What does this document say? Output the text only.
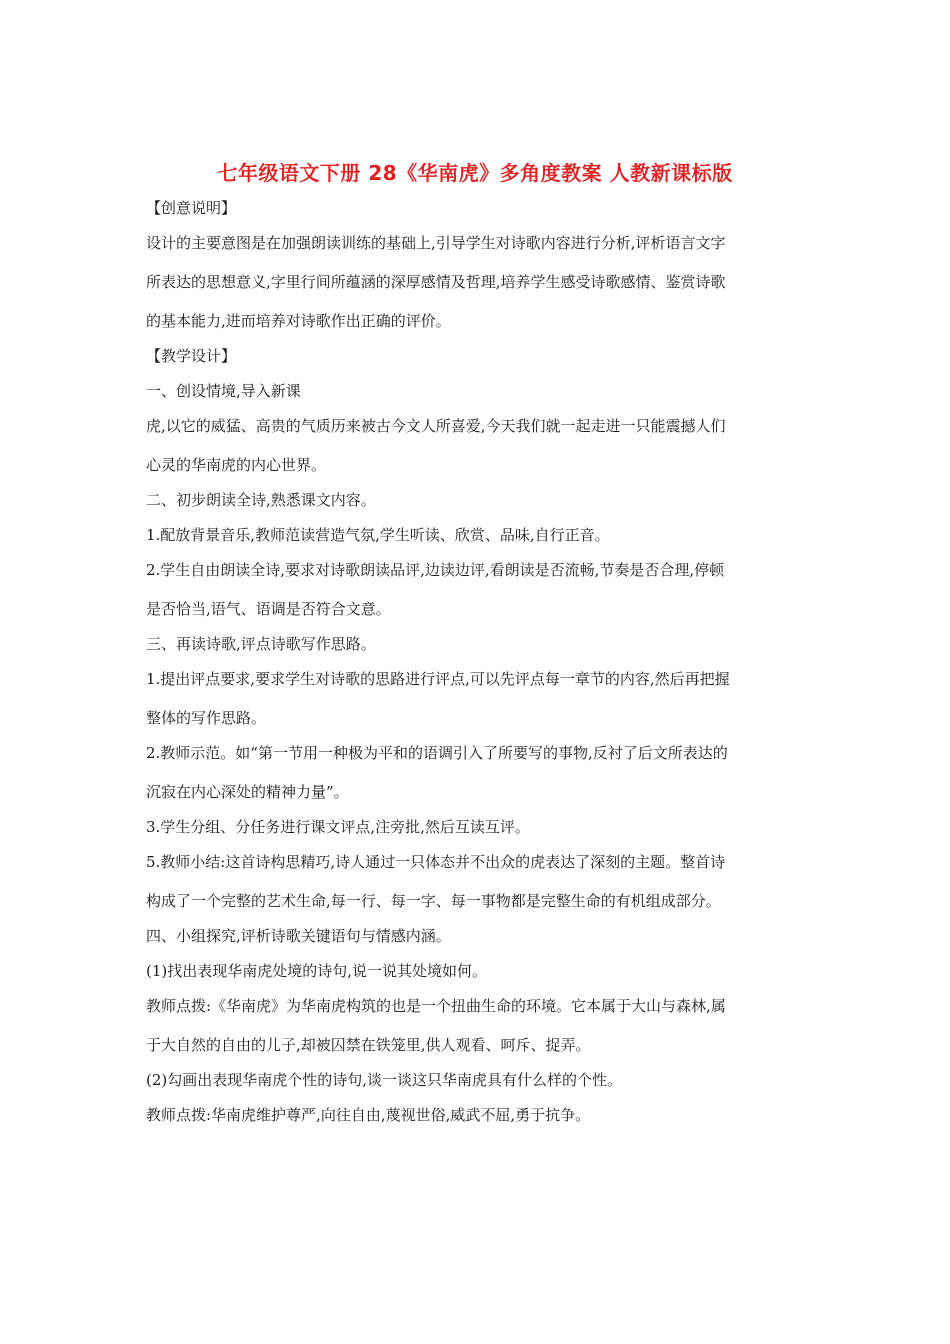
七年级语文下册 28《华南虎》多角度教案 人教新课标版
【创意说明】
设计的主要意图是在加强朗读训练的基础上,引导学生对诗歌内容进行分析,评析语言文字
所表达的思想意义,字里行间所蕴涵的深厚感情及哲理,培养学生感受诗歌感情、鉴赏诗歌
的基本能力,进而培养对诗歌作出正确的评价。
【教学设计】
一、创设情境,导入新课
虎,以它的威猛、高贵的气质历来被古今文人所喜爱,今天我们就一起走进一只能震撼人们
心灵的华南虎的内心世界。
二、初步朗读全诗,熟悉课文内容。
1.配放背景音乐,教师范读营造气氛,学生听读、欣赏、品味,自行正音。
2.学生自由朗读全诗,要求对诗歌朗读品评,边读边评,看朗读是否流畅,节奏是否合理,停顿
是否恰当,语气、语调是否符合文意。
三、再读诗歌,评点诗歌写作思路。
1.提出评点要求,要求学生对诗歌的思路进行评点,可以先评点每一章节的内容,然后再把握
整体的写作思路。
2.教师示范。如“第一节用一种极为平和的语调引入了所要写的事物,反衬了后文所表达的
沉寂在内心深处的精神力量”。
3.学生分组、分任务进行课文评点,注旁批,然后互读互评。
5.教师小结:这首诗构思精巧,诗人通过一只体态并不出众的虎表达了深刻的主题。整首诗
构成了一个完整的艺术生命,每一行、每一字、每一事物都是完整生命的有机组成部分。
四、小组探究,评析诗歌关键语句与情感内涵。
(1)找出表现华南虎处境的诗句,说一说其处境如何。
教师点拨:《华南虎》为华南虎构筑的也是一个扭曲生命的环境。它本属于大山与森林,属
于大自然的自由的儿子,却被囚禁在铁笼里,供人观看、呵斥、捉弄。
(2)勾画出表现华南虎个性的诗句,谈一谈这只华南虎具有什么样的个性。
教师点拨:华南虎维护尊严,向往自由,蔑视世俗,威武不屈,勇于抗争。
